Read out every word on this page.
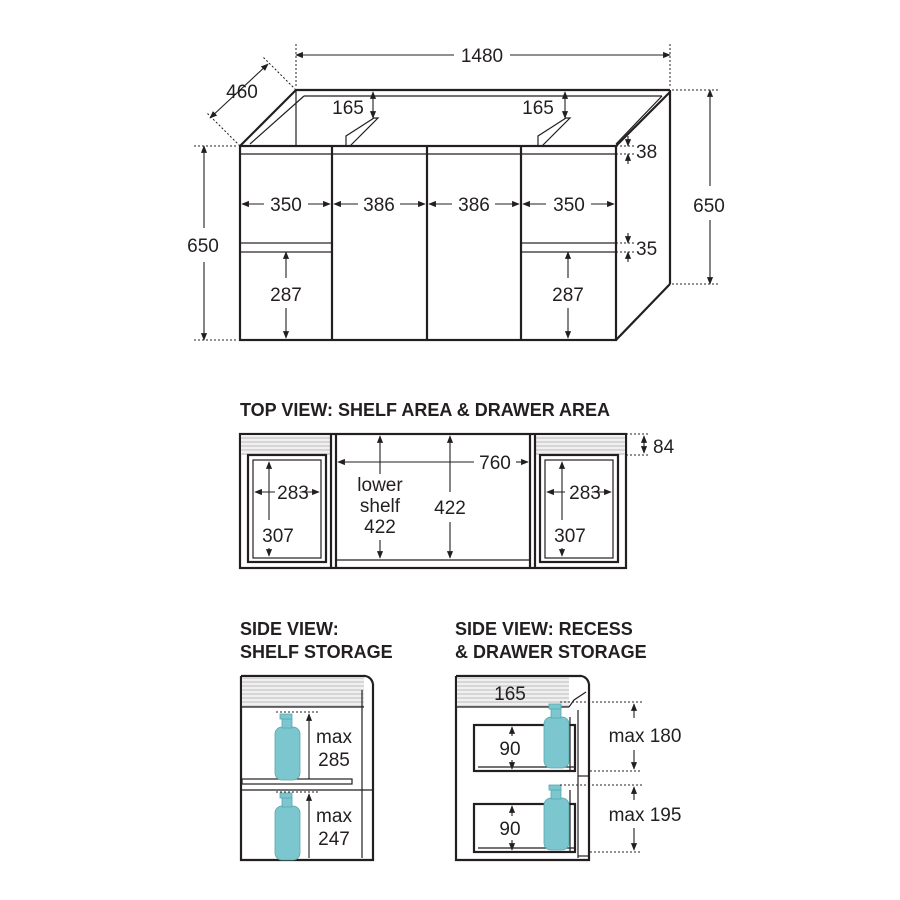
1480
460
650
650
165	165
38
35
350	386	386	350
287	287
TOP VIEW: SHELF AREA & DRAWER AREA
84
760
422
lower
shelf
422
283
307
283
307
SIDE VIEW:
SHELF STORAGE
max
285
max
247
SIDE VIEW: RECESS
& DRAWER STORAGE
165
90
90
max 180
max 195
